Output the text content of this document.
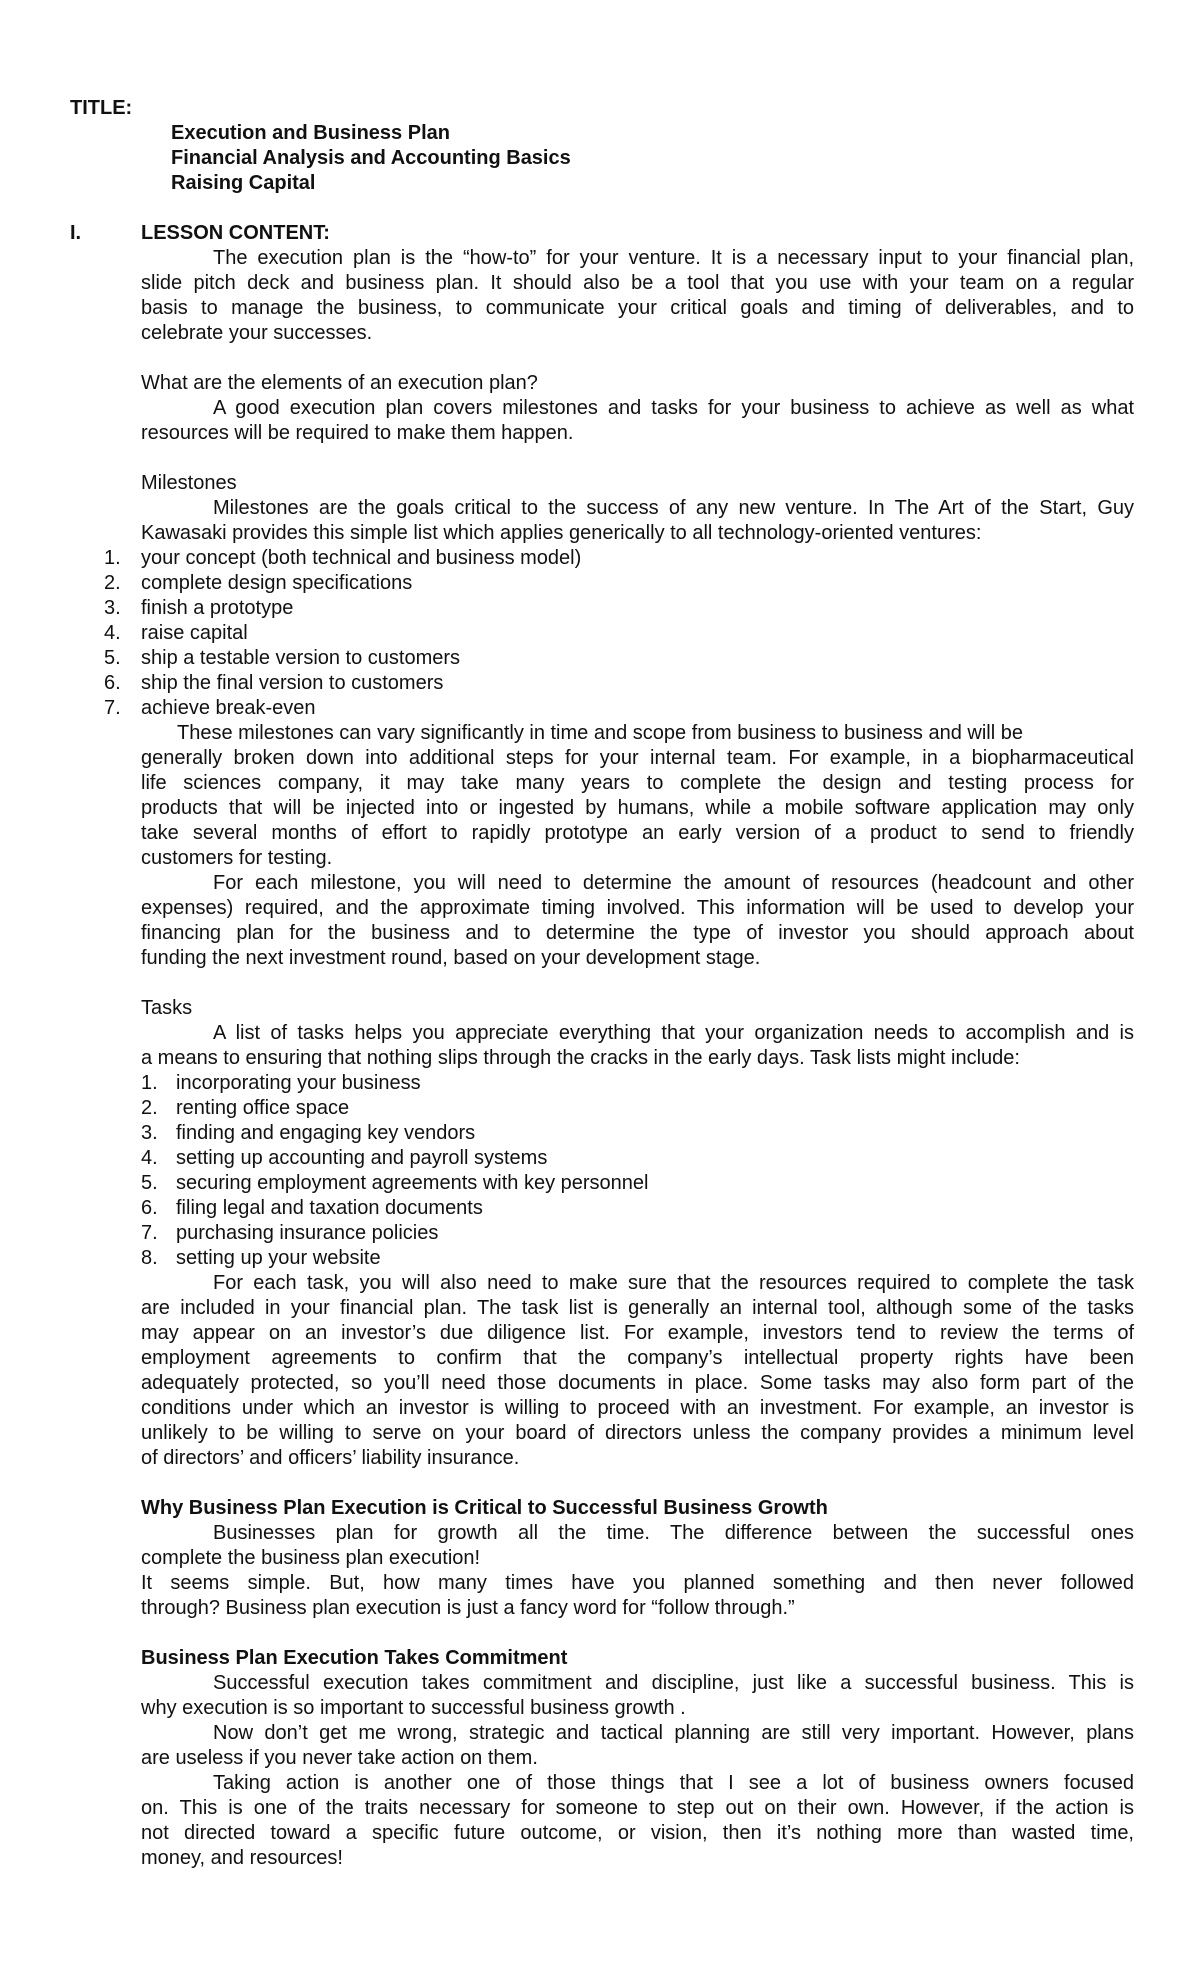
TITLE:
Execution and Business Plan
Financial Analysis and Accounting Basics
Raising Capital
I.	LESSON CONTENT:
The execution plan is the “how-to” for your venture. It is a necessary input to your financial plan,
slide pitch deck and business plan. It should also be a tool that you use with your team on a regular
basis to manage the business, to communicate your critical goals and timing of deliverables, and to
celebrate your successes.
What are the elements of an execution plan?
A good execution plan covers milestones and tasks for your business to achieve as well as what
resources will be required to make them happen.
Milestones
Milestones are the goals critical to the success of any new venture. In The Art of the Start, Guy
Kawasaki provides this simple list which applies generically to all technology-oriented ventures:
1. your concept (both technical and business model)
2. complete design specifications
3. finish a prototype
4. raise capital
5. ship a testable version to customers
6. ship the final version to customers
7. achieve break-even
These milestones can vary significantly in time and scope from business to business and will be
generally broken down into additional steps for your internal team. For example, in a biopharmaceutical
life sciences company, it may take many years to complete the design and testing process for
products that will be injected into or ingested by humans, while a mobile software application may only
take several months of effort to rapidly prototype an early version of a product to send to friendly
customers for testing.
For each milestone, you will need to determine the amount of resources (headcount and other
expenses) required, and the approximate timing involved. This information will be used to develop your
financing plan for the business and to determine the type of investor you should approach about
funding the next investment round, based on your development stage.
Tasks
A list of tasks helps you appreciate everything that your organization needs to accomplish and is
a means to ensuring that nothing slips through the cracks in the early days. Task lists might include:
1. incorporating your business
2. renting office space
3. finding and engaging key vendors
4. setting up accounting and payroll systems
5. securing employment agreements with key personnel
6. filing legal and taxation documents
7. purchasing insurance policies
8. setting up your website
For each task, you will also need to make sure that the resources required to complete the task
are included in your financial plan. The task list is generally an internal tool, although some of the tasks
may appear on an investor’s due diligence list. For example, investors tend to review the terms of
employment agreements to confirm that the company’s intellectual property rights have been
adequately protected, so you’ll need those documents in place. Some tasks may also form part of the
conditions under which an investor is willing to proceed with an investment. For example, an investor is
unlikely to be willing to serve on your board of directors unless the company provides a minimum level
of directors’ and officers’ liability insurance.
Why Business Plan Execution is Critical to Successful Business Growth
Businesses plan for growth all the time. The difference between the successful ones
complete the business plan execution!
It seems simple. But, how many times have you planned something and then never followed
through? Business plan execution is just a fancy word for “follow through.”
Business Plan Execution Takes Commitment
Successful execution takes commitment and discipline, just like a successful business. This is
why execution is so important to successful business growth .
Now don’t get me wrong, strategic and tactical planning are still very important. However, plans
are useless if you never take action on them.
Taking action is another one of those things that I see a lot of business owners focused
on. This is one of the traits necessary for someone to step out on their own. However, if the action is
not directed toward a specific future outcome, or vision, then it’s nothing more than wasted time,
money, and resources!
